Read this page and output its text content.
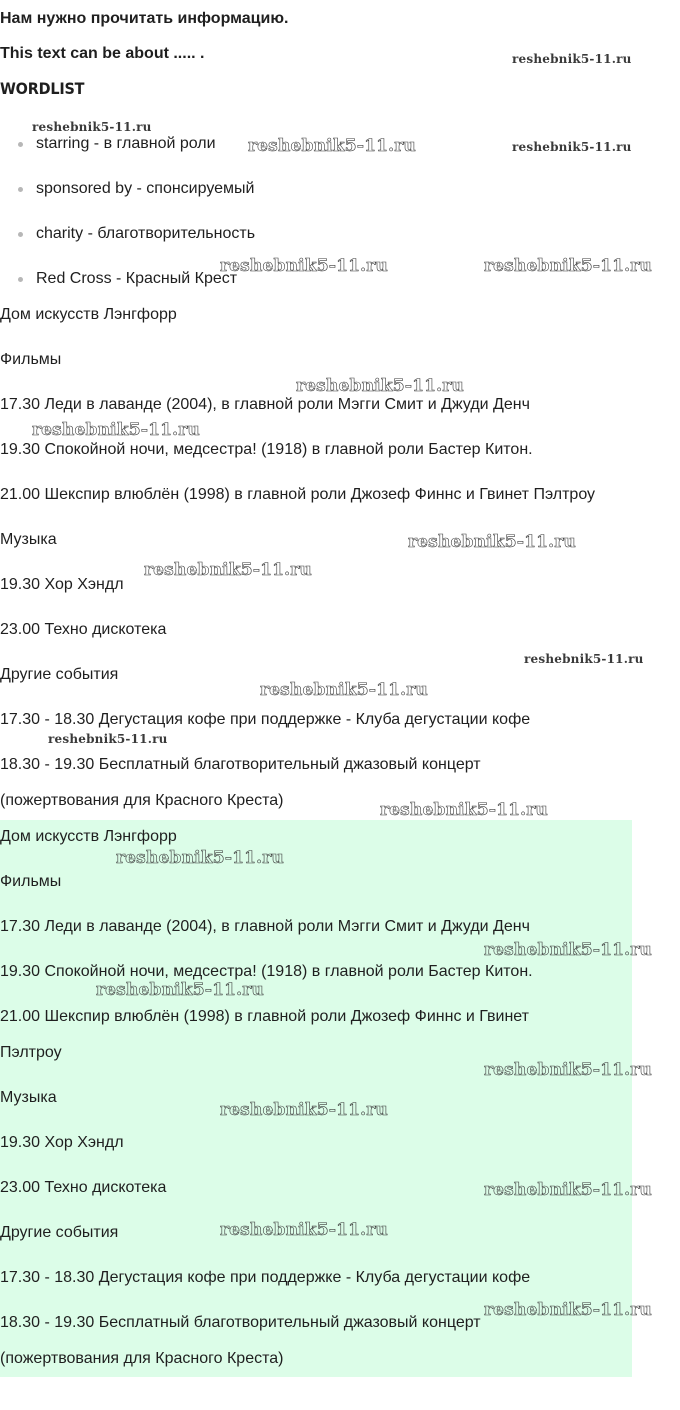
Нам нужно прочитать информацию.
This text can be about ..... .
WORDLIST
starring - в главной роли
sponsored by - спонсируемый
charity - благотворительность
Red Cross - Красный Крест
Дом искусств Лэнгфорр
Фильмы
17.30 Леди в лаванде (2004), в главной роли Мэгги Смит и Джуди Денч
19.30 Спокойной ночи, медсестра! (1918) в главной роли Бастер Китон.
21.00 Шекспир влюблён (1998) в главной роли Джозеф Финнс и Гвинет Пэлтроу
Музыка
19.30 Хор Хэндл
23.00 Техно дискотека
Другие события
17.30 - 18.30 Дегустация кофе при поддержке - Клуба дегустации кофе
18.30 - 19.30 Бесплатный благотворительный джазовый концерт
(пожертвования для Красного Креста)
Дом искусств Лэнгфорр
Фильмы
17.30 Леди в лаванде (2004), в главной роли Мэгги Смит и Джуди Денч
19.30 Спокойной ночи, медсестра! (1918) в главной роли Бастер Китон.
21.00 Шекспир влюблён (1998) в главной роли Джозеф Финнс и Гвинет
Пэлтроу
Музыка
19.30 Хор Хэндл
23.00 Техно дискотека
Другие события
17.30 - 18.30 Дегустация кофе при поддержке - Клуба дегустации кофе
18.30 - 19.30 Бесплатный благотворительный джазовый концерт
(пожертвования для Красного Креста)
reshebnik5-11.ru
reshebnik5-11.ru
reshebnik5-11.ru	reshebnik5-11.ru
reshebnik5-11.ru	reshebnik5-11.ru
reshebnik5-11.ru
reshebnik5-11.ru
reshebnik5-11.ru
reshebnik5-11.ru
reshebnik5-11.ru
reshebnik5-11.ru
reshebnik5-11.ru
reshebnik5-11.ru
reshebnik5-11.ru
reshebnik5-11.ru
reshebnik5-11.ru
reshebnik5-11.ru
reshebnik5-11.ru
reshebnik5-11.ru
reshebnik5-11.ru
reshebnik5-11.ru
